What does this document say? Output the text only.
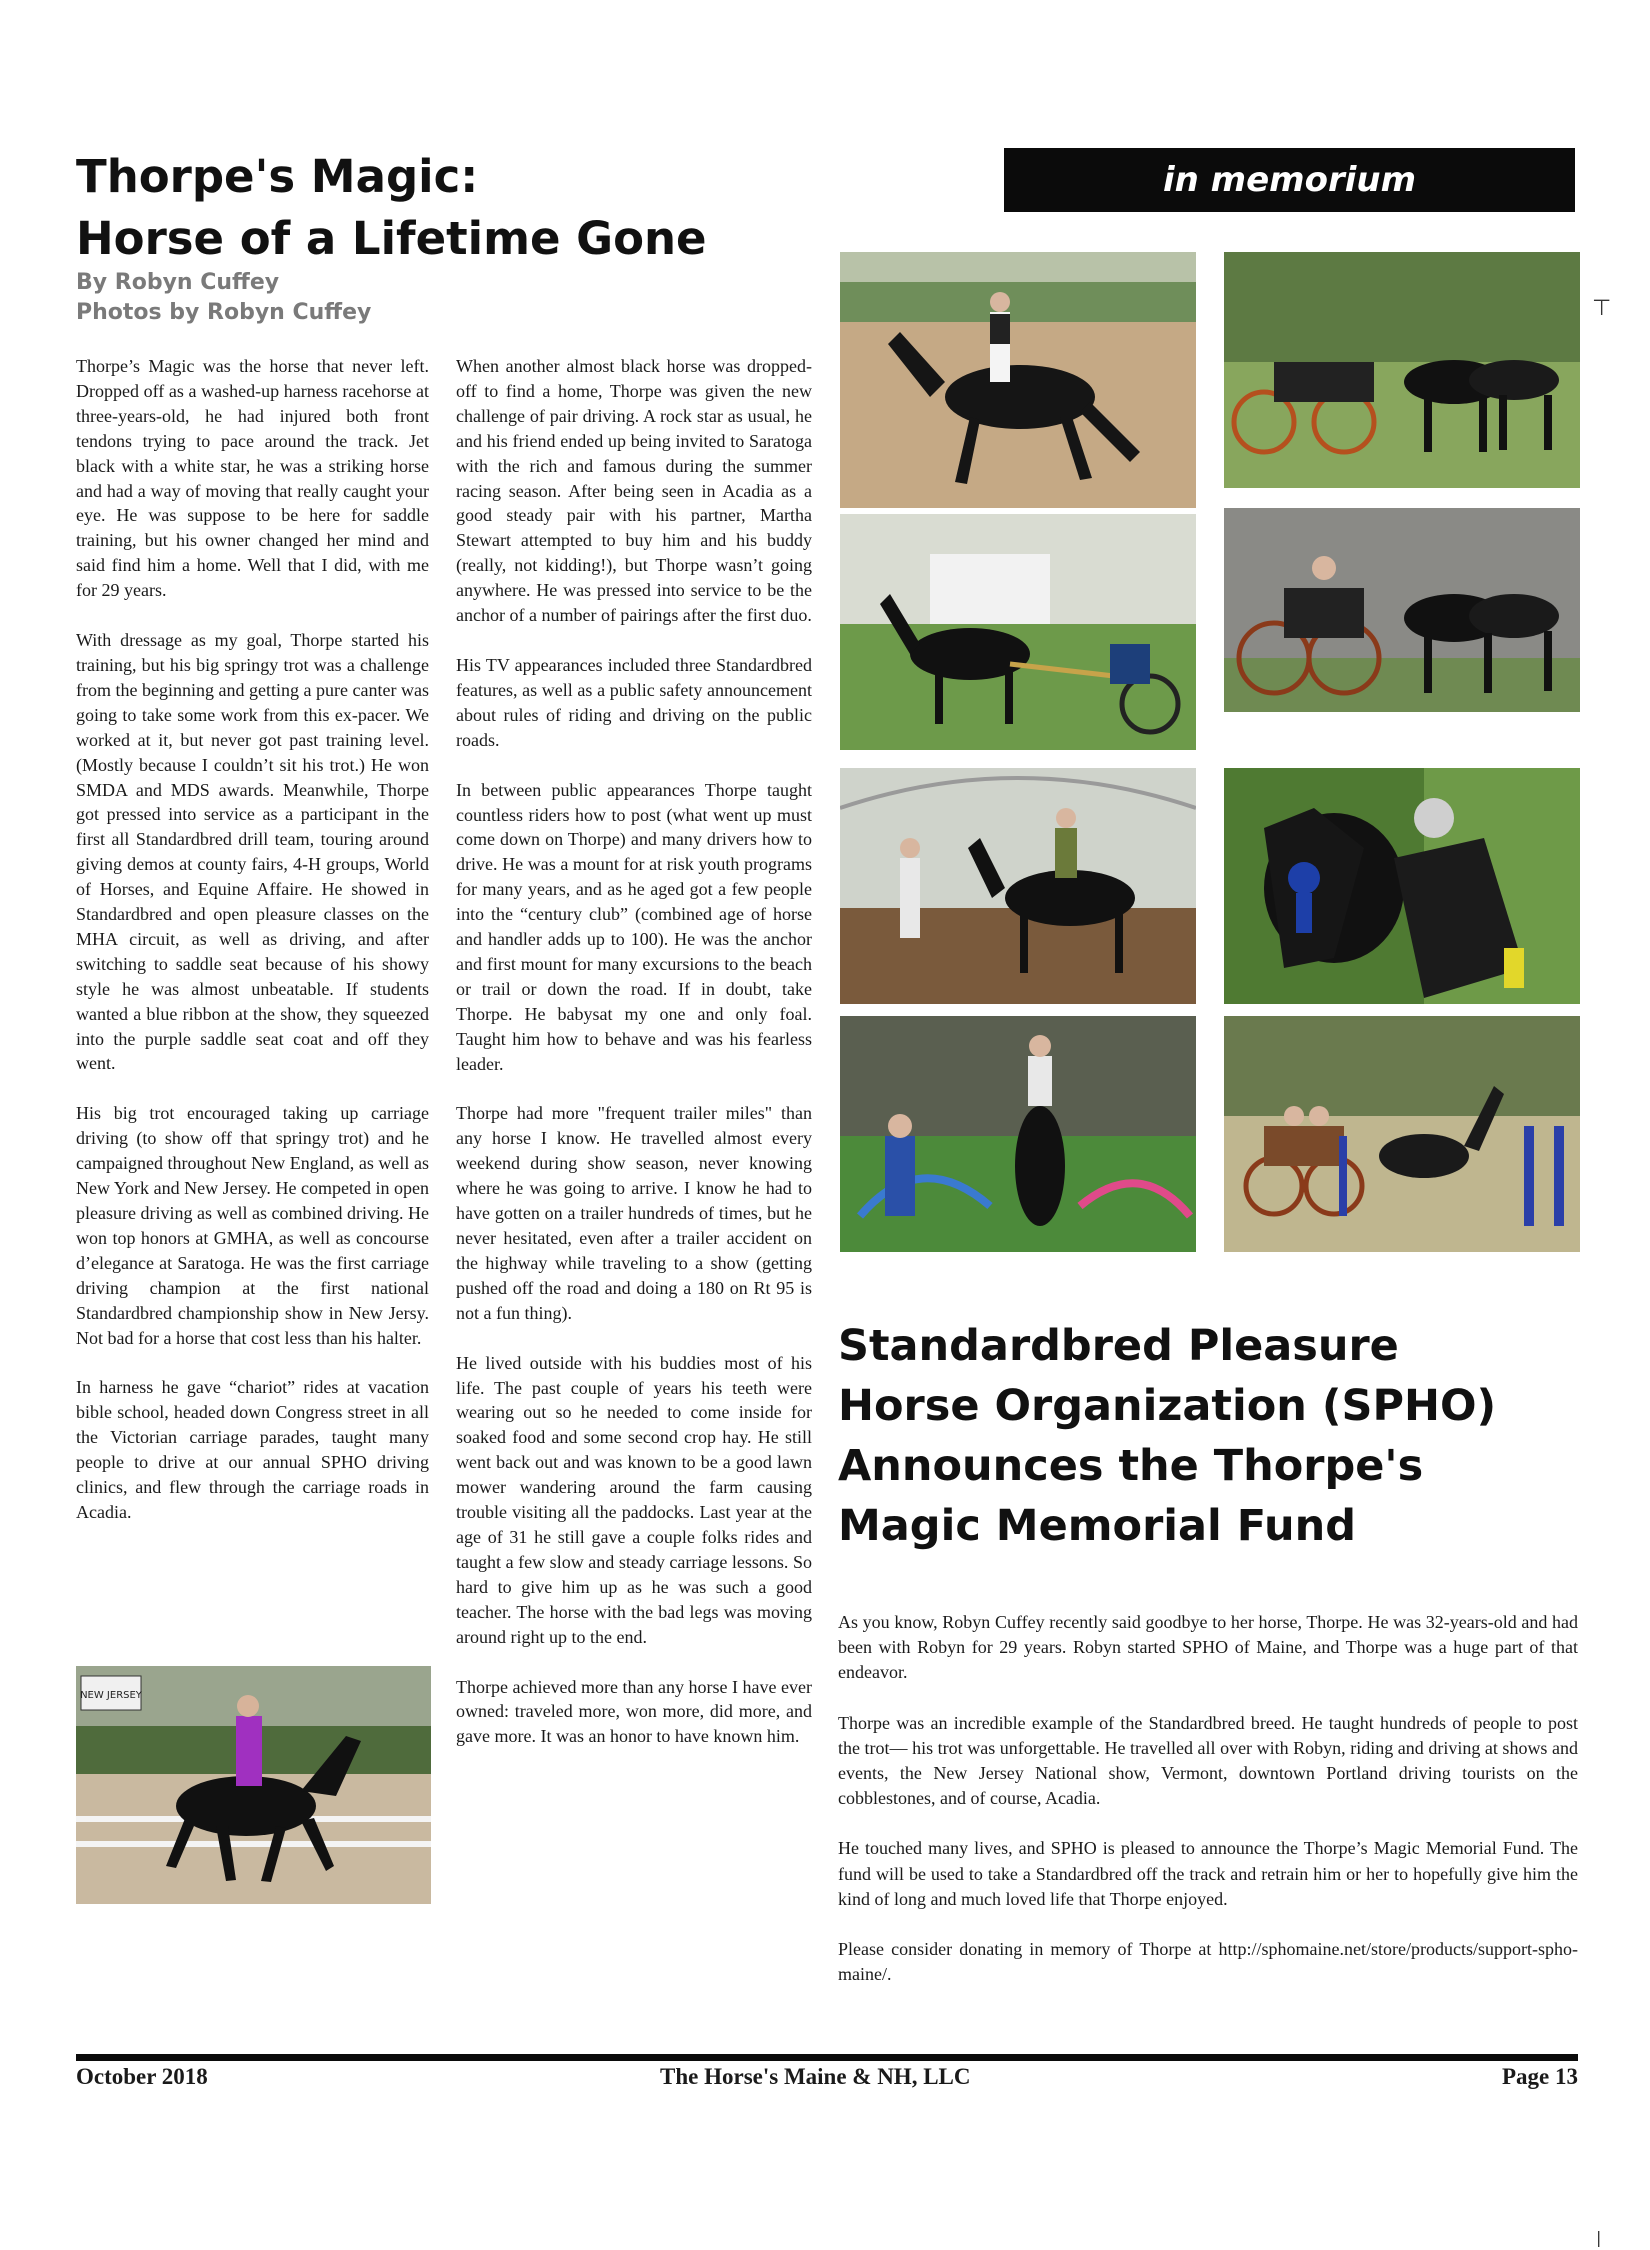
Thorpe's Magic:
Horse of a Lifetime Gone
By Robyn Cuffey
Photos by Robyn Cuffey

Thorpe’s Magic was the horse that never left. Dropped off as a washed-up harness racehorse at three-years-old, he had injured both front tendons trying to pace around the track. Jet black with a white star, he was a striking horse and had a way of moving that really caught your eye. He was suppose to be here for saddle training, but his owner changed her mind and said find him a home. Well that I did, with me for 29 years.

With dressage as my goal, Thorpe started his training, but his big springy trot was a challenge from the beginning and getting a pure canter was going to take some work from this ex-pacer. We worked at it, but never got past training level. (Mostly because I couldn’t sit his trot.) He won SMDA and MDS awards. Meanwhile, Thorpe got pressed into service as a participant in the first all Standardbred drill team, touring around giving demos at county fairs, 4-H groups, World of Horses, and Equine Affaire. He showed in Standardbred and open pleasure classes on the MHA circuit, as well as driving, and after switching to saddle seat because of his showy style he was almost unbeatable. If students wanted a blue ribbon at the show, they squeezed into the purple saddle seat coat and off they went.

His big trot encouraged taking up carriage driving (to show off that springy trot) and he campaigned throughout New England, as well as New York and New Jersey. He competed in open pleasure driving as well as combined driving. He won top honors at GMHA, as well as concourse d’elegance at Saratoga. He was the first carriage driving champion at the first national Standardbred championship show in New Jersy. Not bad for a horse that cost less than his halter.

In harness he gave “chariot” rides at vacation bible school, headed down Congress street in all the Victorian carriage parades, taught many people to drive at our annual SPHO driving clinics, and flew through the carriage roads in Acadia.

When another almost black horse was dropped-off to find a home, Thorpe was given the new challenge of pair driving. A rock star as usual, he and his friend ended up being invited to Saratoga with the rich and famous during the summer racing season. After being seen in Acadia as a good steady pair with his partner, Martha Stewart attempted to buy him and his buddy (really, not kidding!), but Thorpe wasn’t going anywhere. He was pressed into service to be the anchor of a number of pairings after the first duo.

His TV appearances included three Standardbred features, as well as a public safety announcement about rules of riding and driving on the public roads.

In between public appearances Thorpe taught countless riders how to post (what went up must come down on Thorpe) and many drivers how to drive. He was a mount for at risk youth programs for many years, and as he aged got a few people into the “century club” (combined age of horse and handler adds up to 100). He was the anchor and first mount for many excursions to the beach or trail or down the road. If in doubt, take Thorpe. He babysat my one and only foal. Taught him how to behave and was his fearless leader.

Thorpe had more "frequent trailer miles" than any horse I know. He travelled almost every weekend during show season, never knowing where he was going to arrive. I know he had to have gotten on a trailer hundreds of times, but he never hesitated, even after a trailer accident on the highway while traveling to a show (getting pushed off the road and doing a 180 on Rt 95 is not a fun thing).

He lived outside with his buddies most of his life. The past couple of years his teeth were wearing out so he needed to come inside for soaked food and some second crop hay. He still went back out and was known to be a good lawn mower wandering around the farm causing trouble visiting all the paddocks. Last year at the age of 31 he still gave a couple folks rides and taught a few slow and steady carriage lessons. So hard to give him up as he was such a good teacher. The horse with the bad legs was moving around right up to the end.

Thorpe achieved more than any horse I have ever owned: traveled more, won more, did more, and gave more. It was an honor to have known him.

NEW JERSEY
in memorium
⊤
Standardbred Pleasure
Horse Organization (SPHO)
Announces the Thorpe's
Magic Memorial Fund

As you know, Robyn Cuffey recently said goodbye to her horse, Thorpe. He was 32-years-old and had been with Robyn for 29 years. Robyn started SPHO of Maine, and Thorpe was a huge part of that endeavor.

Thorpe was an incredible example of the Standardbred breed. He taught hundreds of people to post the trot— his trot was unforgettable. He travelled all over with Robyn, riding and driving at shows and events, the New Jersey National show, Vermont, downtown Portland driving tourists on the cobblestones, and of course, Acadia.

He touched many lives, and SPHO is pleased to announce the Thorpe’s Magic Memorial Fund. The fund will be used to take a Standardbred off the track and retrain him or her to hopefully give him the kind of long and much loved life that Thorpe enjoyed.

Please consider donating in memory of Thorpe at http://sphomaine.net/store/products/support-spho-maine/.

October 2018	The Horse's Maine & NH, LLC	Page 13
|
